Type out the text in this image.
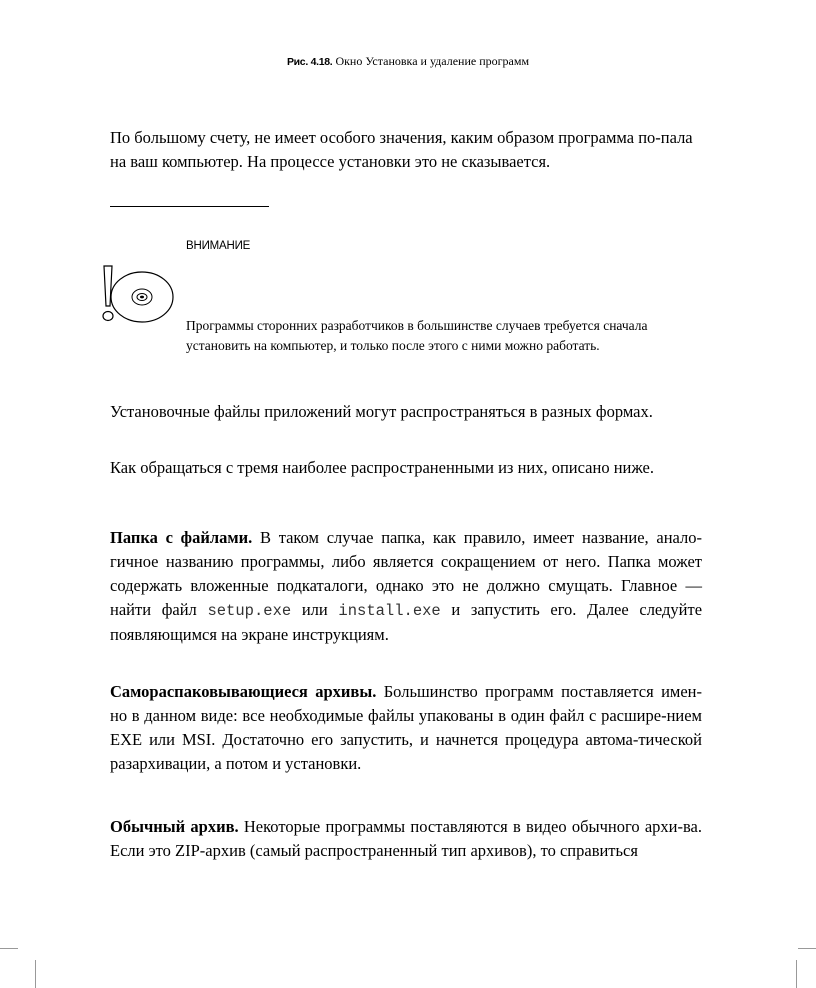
Рис. 4.18. Окно Установка и удаление программ
По большому счету, не имеет особого значения, каким образом программа по-пала
на ваш компьютер. На процессе установки это не сказывается.
ВНИМАНИЕ
Программы сторонних разработчиков в большинстве случаев требуется сначала
установить на компьютер, и только после этого с ними можно работать.
Установочные файлы приложений могут распространяться в разных формах.
Как обращаться с тремя наиболее распространенными из них, описано ниже.
Папка с файлами. В таком случае папка, как правило, имеет название, анало-
гичное названию программы, либо является сокращением от него. Папка может
содержать вложенные подкаталоги, однако это не должно смущать. Главное —
найти файл setup.exe или install.exe и запустить его. Далее следуйте
появляющимся на экране инструкциям.
Самораспаковывающиеся архивы. Большинство программ поставляется имен-
но в данном виде: все необходимые файлы упакованы в один файл с расшире-нием
EXE или MSI. Достаточно его запустить, и начнется процедура автома-тической
разархивации, а потом и установки.
Обычный архив. Некоторые программы поставляются в видео обычного архи-ва.
Если это ZIP-архив (самый распространенный тип архивов), то справиться
